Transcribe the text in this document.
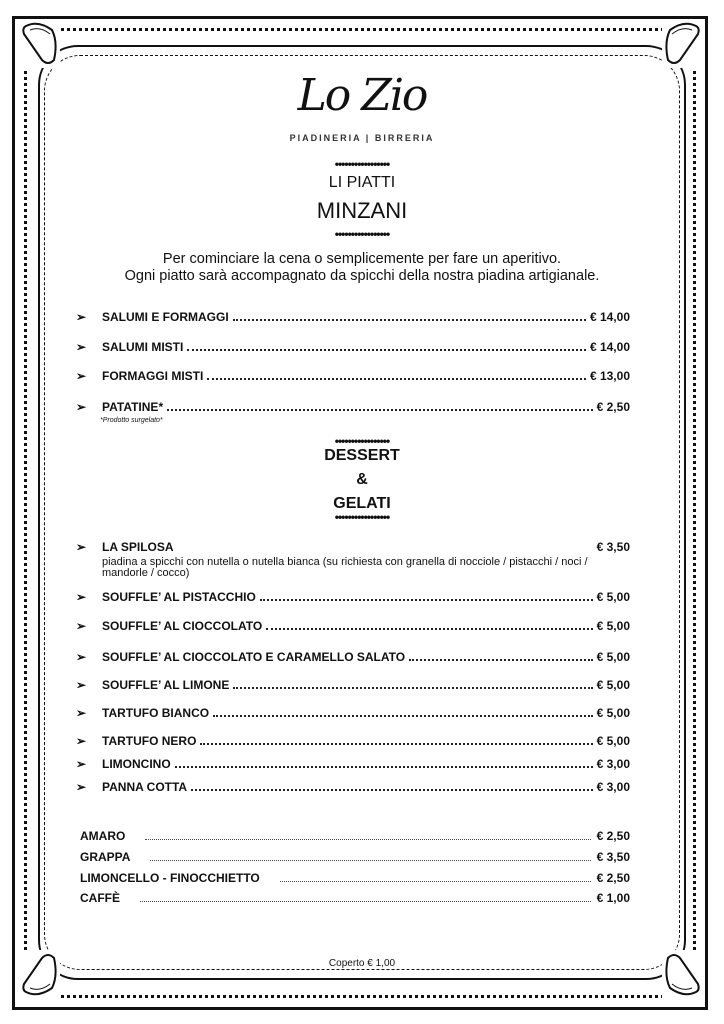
Lo Zio
PIADINERIA | BIRRERIA
•••••••••••••••••
LI PIATTI
MINZANI
•••••••••••••••••
Per cominciare la cena o semplicemente per fare un aperitivo.
Ogni piatto sarà accompagnato da spicchi della nostra piadina artigianale.
➢	SALUMI E FORMAGGI	€ 14,00
➢	SALUMI MISTI	€ 14,00
➢	FORMAGGI MISTI	€ 13,00
➢	PATATINE*	€ 2,50
*Prodotto surgelato*
•••••••••••••••••
DESSERT
&
GELATI
•••••••••••••••••
➢	LA SPILOSA	€ 3,50
piadina a spicchi con nutella o nutella bianca (su richiesta con granella di nocciole / pistacchi / noci / mandorle / cocco)
➢	SOUFFLE’ AL PISTACCHIO	€ 5,00
➢	SOUFFLE’ AL CIOCCOLATO	€ 5,00
➢	SOUFFLE’ AL CIOCCOLATO E CARAMELLO SALATO	€ 5,00
➢	SOUFFLE’ AL LIMONE	€ 5,00
➢	TARTUFO BIANCO	€ 5,00
➢	TARTUFO NERO	€ 5,00
➢	LIMONCINO	€ 3,00
➢	PANNA COTTA	€ 3,00
AMARO	€ 2,50
GRAPPA	€ 3,50
LIMONCELLO - FINOCCHIETTO	€ 2,50
CAFFÈ	€ 1,00
Coperto € 1,00
